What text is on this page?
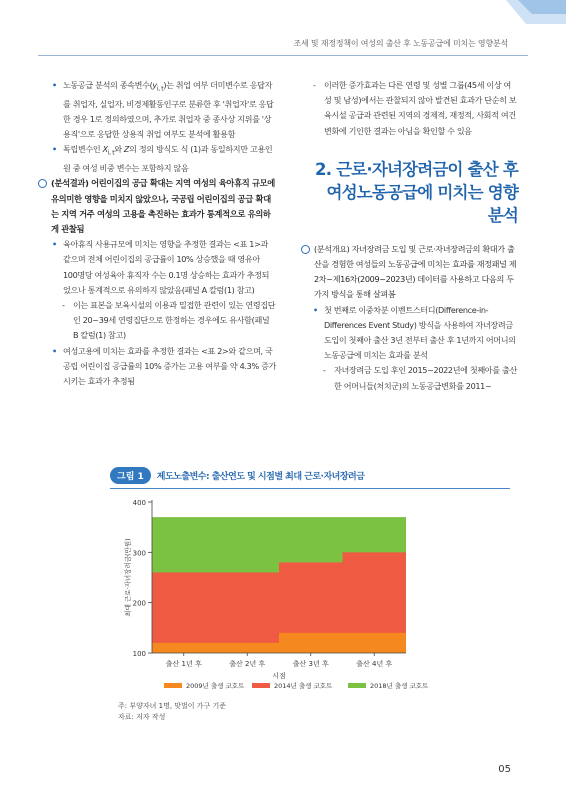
조세 및 재정정책이 여성의 출산 후 노동공급에 미치는 영향분석

• 노동공급 분석의 종속변수$(y_{i, t})$는 취업 여부 더미변수로 응답자를 취업자, 실업자, 비경제활동인구로 분류한 후 '취업자'로 응답한 경우 1로 정의하였으며, 추가로 취업자 중 종사상 지위를 '상용직'으로 응답한 상용직 취업 여부도 분석에 활용함

• 독립변수인 $X_{i, t}$와 Z의 정의 방식도 식 (1)과 동일하지만 고용인원 중 여성 비중 변수는 포함하지 않음

(분석결과) 어린이집의 공급 확대는 지역 여성의 육아휴직 규모에 유의미한 영향을 미치지 않았으나, 국공립 어린이집의 공급 확대는 지역 거주 여성의 고용을 촉진하는 효과가 통계적으로 유의하게 관찰됨

• 육아휴직 사용규모에 미치는 영향을 추정한 결과는 <표 1>과 같으며 전체 어린이집의 공급률이 10% 상승했을 때 영유아 100명당 여성육아 휴직자 수는 0.1명 상승하는 효과가 추정되었으나 통계적으로 유의하지 않았음(패널 A 칼럼(1) 참고)

- 이는 표본을 보육시설의 이용과 밀접한 관련이 있는 연령집단인 20~39세 연령집단으로 한정하는 경우에도 유사함(패널 B 칼럼(1) 참고)

• 여성고용에 미치는 효과를 추정한 결과는 <표 2>와 같으며, 국공립 어린이집 공급률의 10% 증가는 고용 여부를 약 4.3% 증가시키는 효과가 추정됨

- 이러한 증가효과는 다른 연령 및 성별 그룹(45세 이상 여성 및 남성)에서는 관찰되지 않아 발견된 효과가 단순히 보육시설 공급과 관련된 지역의 경제적, 재정적, 사회적 여건변화에 기인한 결과는 아님을 확인할 수 있음

2. 근로·자녀장려금이 출산 후 여성노동공급에 미치는 영향분석

(분석개요) 자녀장려금 도입 및 근로·자녀장려금의 확대가 출산을 경험한 여성들의 노동공급에 미치는 효과를 재정패널 제2차~제16차(2009~2023년) 데이터를 사용하고 다음의 두 가지 방식을 통해 살펴봄

• 첫 번째로 이중차분 이벤트스터디(Difference-in-Differences Event Study) 방식을 사용하여 자녀장려금 도입이 첫째아 출산 3년 전부터 출산 후 1년까지 어머니의 노동공급에 미치는 효과를 분석

- 자녀장려금 도입 후인 2015~2022년에 첫째아를 출산한 어머니들(처치군)의 노동공급변화를 2011~

그림 1	제도노출변수: 출산연도 및 시점별 최대 근로·자녀장려금
100
200
300
400
출산 1년 후	출산 2년 후	출산 3년 후	출산 4년 후
시점
최대 근로·자녀장려금(만원)
2009년 출생 코호트	2014년 출생 코호트	2018년 출생 코호트
주: 부양자녀 1명, 맞벌이 가구 기준
자료: 저자 작성
05
